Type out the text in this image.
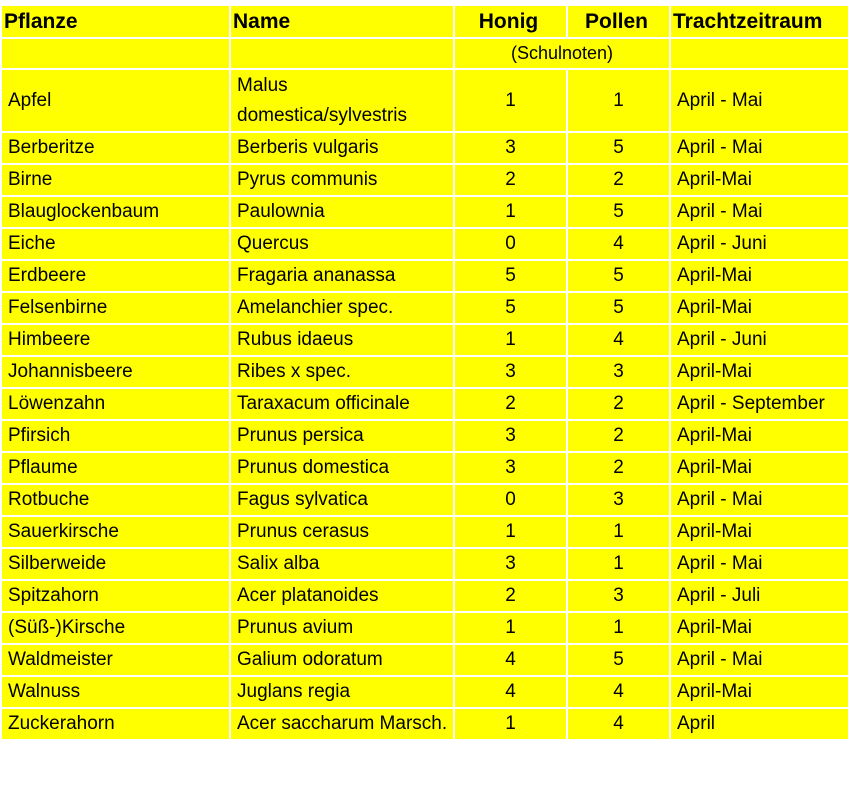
Pflanze	Name	Honig	Pollen	Trachtzeitraum
		(Schulnoten)		
Apfel	Malus domestica/sylvestris	1	1	April - Mai
Berberitze	Berberis vulgaris	3	5	April - Mai
Birne	Pyrus communis	2	2	April-Mai
Blauglockenbaum	Paulownia	1	5	April - Mai
Eiche	Quercus	0	4	April - Juni
Erdbeere	Fragaria ananassa	5	5	April-Mai
Felsenbirne	Amelanchier spec.	5	5	April-Mai
Himbeere	Rubus idaeus	1	4	April - Juni
Johannisbeere	Ribes x spec.	3	3	April-Mai
Löwenzahn	Taraxacum officinale	2	2	April - September
Pfirsich	Prunus persica	3	2	April-Mai
Pflaume	Prunus domestica	3	2	April-Mai
Rotbuche	Fagus sylvatica	0	3	April - Mai
Sauerkirsche	Prunus cerasus	1	1	April-Mai
Silberweide	Salix alba	3	1	April - Mai
Spitzahorn	Acer platanoides	2	3	April - Juli
(Süß-)Kirsche	Prunus avium	1	1	April-Mai
Waldmeister	Galium odoratum	4	5	April - Mai
Walnuss	Juglans regia	4	4	April-Mai
Zuckerahorn	Acer saccharum Marsch.	1	4	April
